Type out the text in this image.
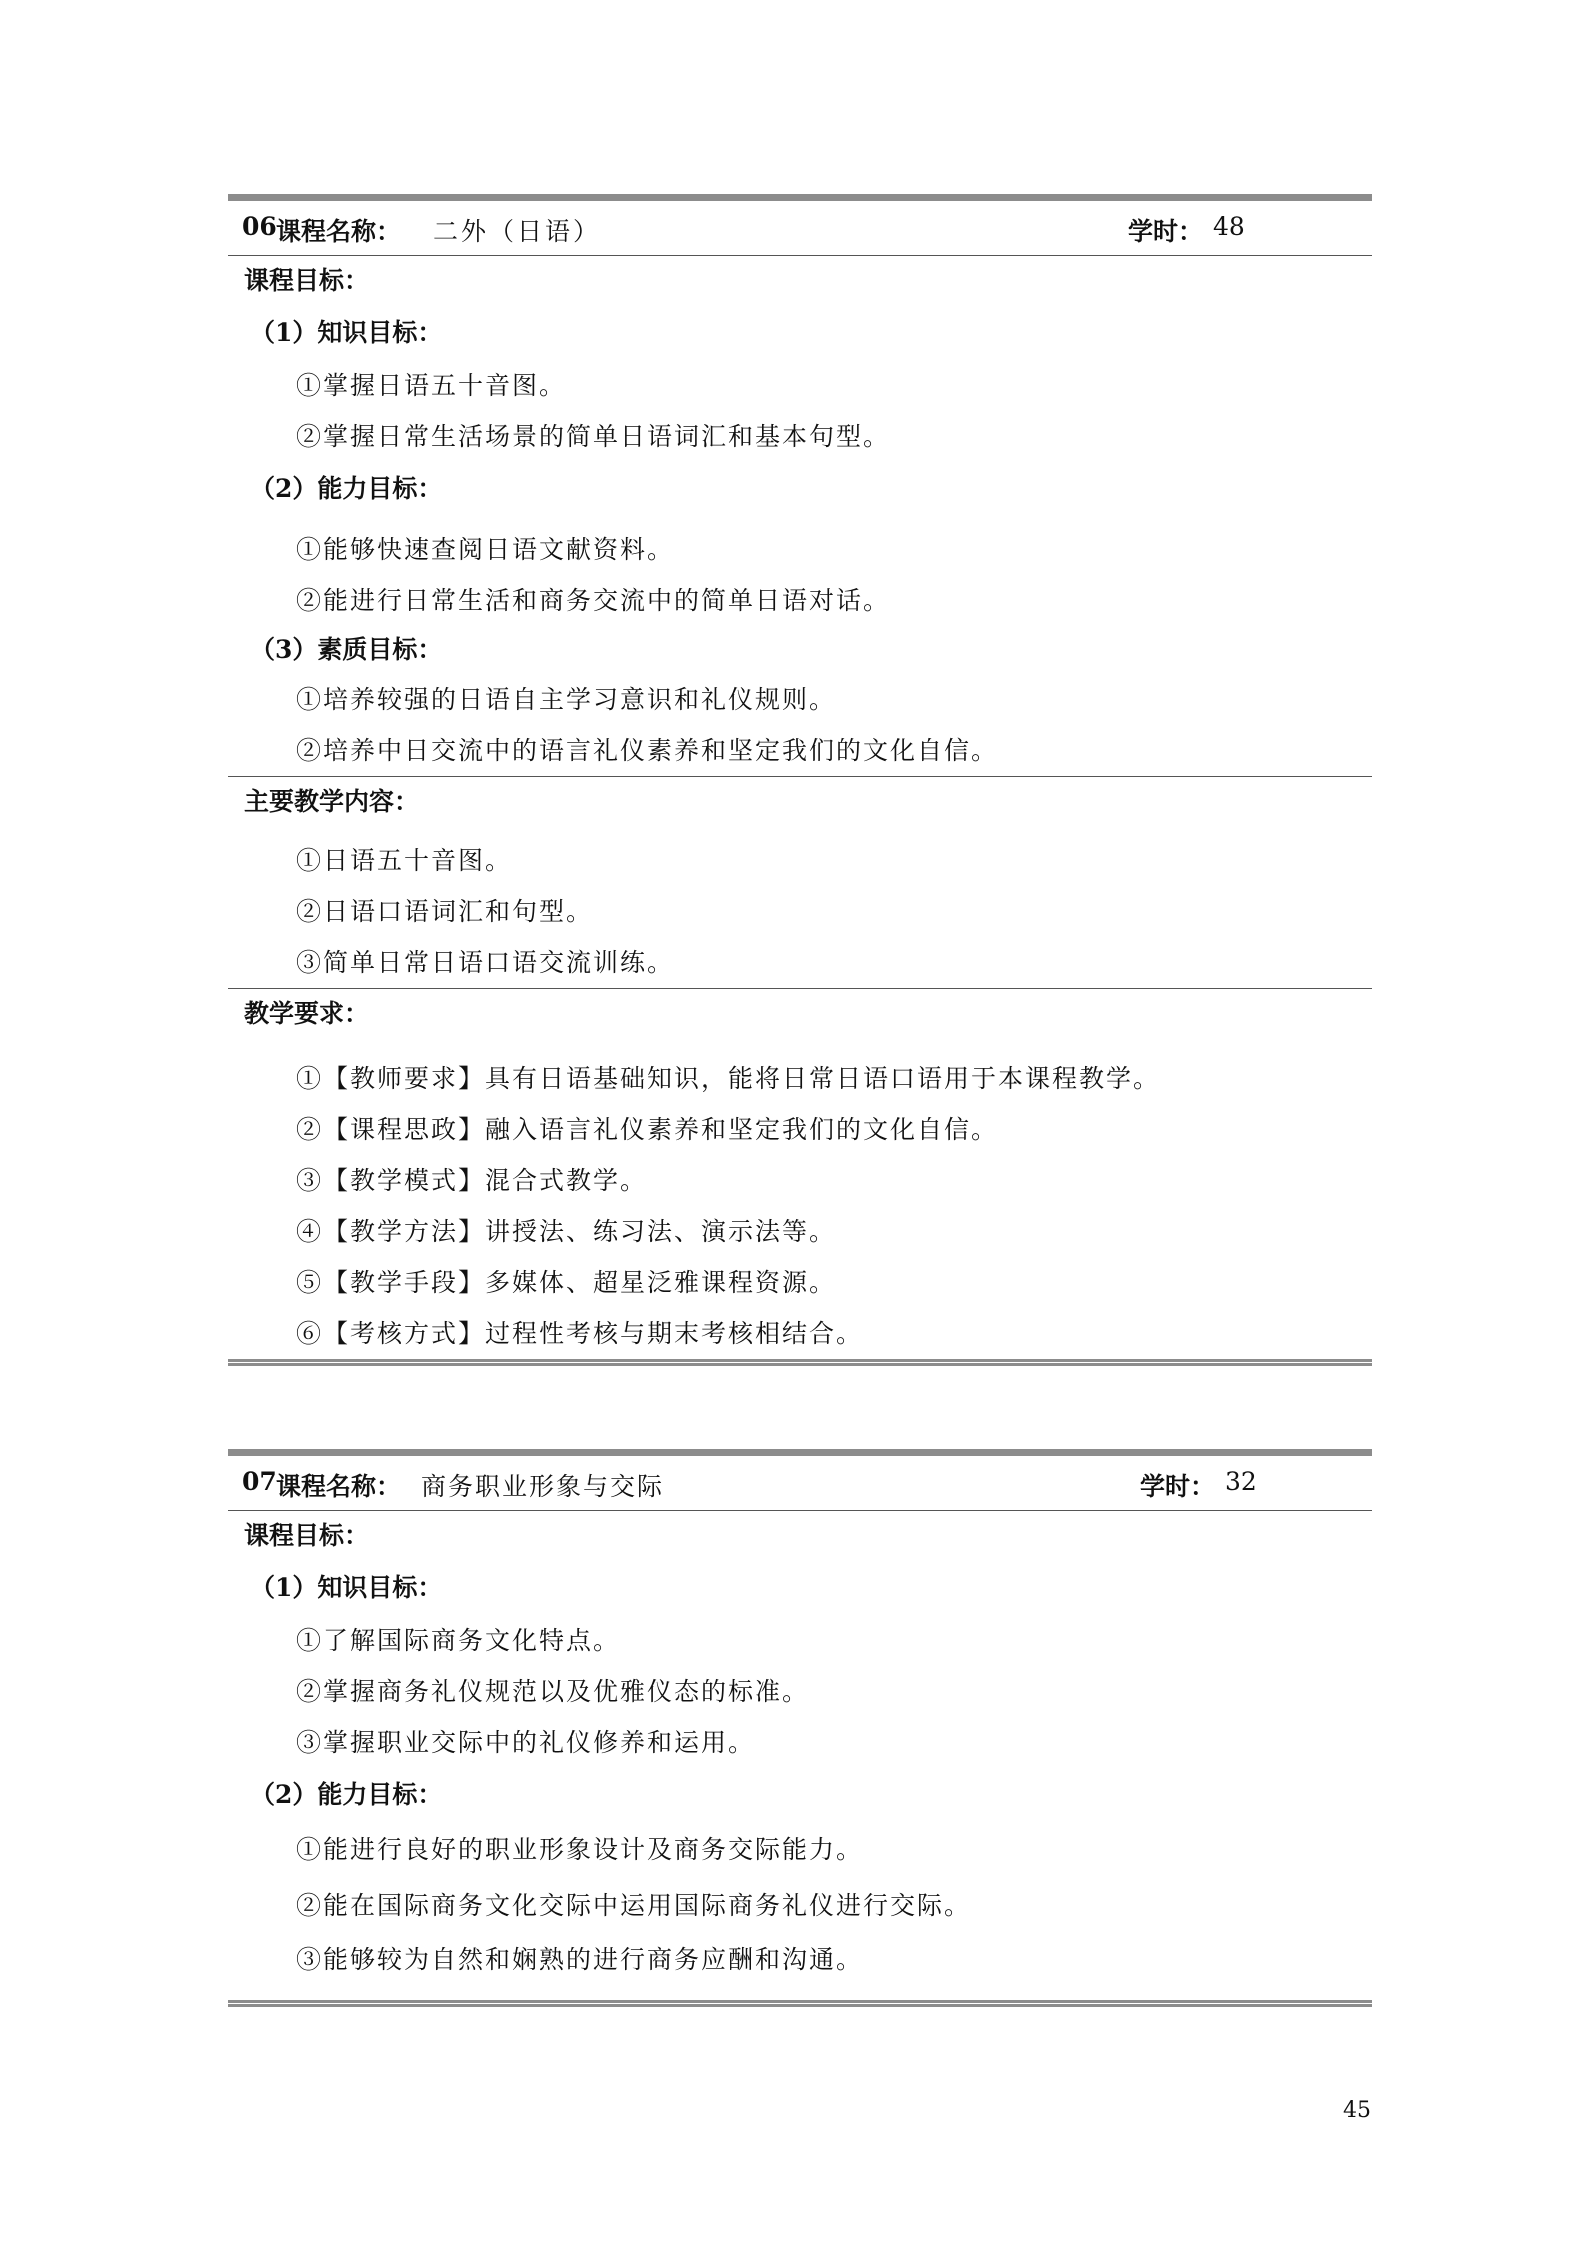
06 课程名称： 二外（日语）	学时： 48
课程目标：
（1）知识目标：
①掌握日语五十音图。
②掌握日常生活场景的简单日语词汇和基本句型。
（2）能力目标：
①能够快速查阅日语文献资料。
②能进行日常生活和商务交流中的简单日语对话。
（3）素质目标：
①培养较强的日语自主学习意识和礼仪规则。
②培养中日交流中的语言礼仪素养和坚定我们的文化自信。
主要教学内容：
①日语五十音图。
②日语口语词汇和句型。
③简单日常日语口语交流训练。
教学要求：
①【教师要求】具有日语基础知识，能将日常日语口语用于本课程教学。
②【课程思政】融入语言礼仪素养和坚定我们的文化自信。
③【教学模式】混合式教学。
④【教学方法】讲授法、练习法、演示法等。
⑤【教学手段】多媒体、超星泛雅课程资源。
⑥【考核方式】过程性考核与期末考核相结合。
07 课程名称： 商务职业形象与交际	学时： 32
课程目标：
（1）知识目标：
①了解国际商务文化特点。
②掌握商务礼仪规范以及优雅仪态的标准。
③掌握职业交际中的礼仪修养和运用。
（2）能力目标：
①能进行良好的职业形象设计及商务交际能力。
②能在国际商务文化交际中运用国际商务礼仪进行交际。
③能够较为自然和娴熟的进行商务应酬和沟通。
45
